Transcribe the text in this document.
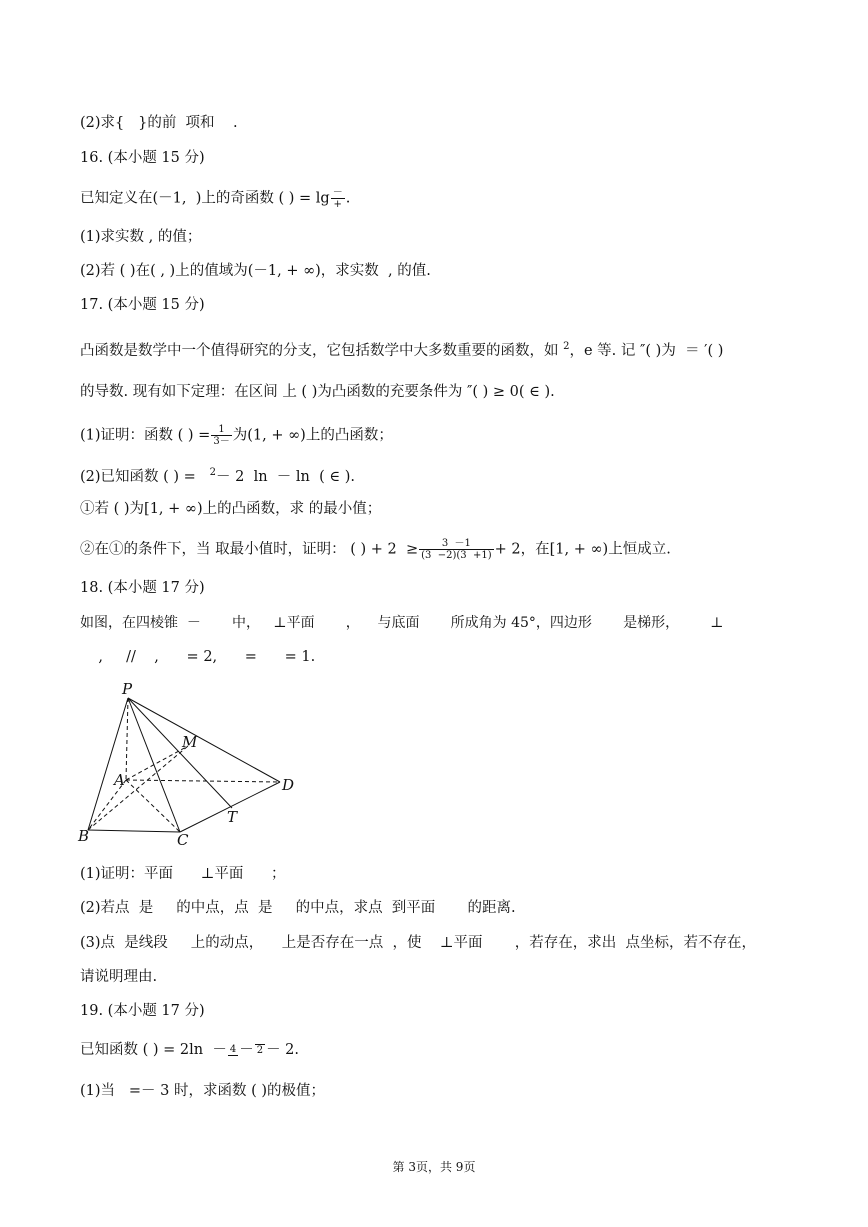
(2)求{   }的前  项和    .
16. (本小题 15 分)
已知定义在(－1,  )上的奇函数 ( ) = $\lg \frac{-}{+}$ .
(1)求实数 , 的值；
(2)若 ( )在( , )上的值域为(－1, + ∞)，求实数  , 的值.
17. (本小题 15 分)
凸函数是数学中一个值得研究的分支，它包括数学中大多数重要的函数，如 $^2$，e 等. 记 ″( )为  ＝ ′( )
的导数. 现有如下定理：在区间 上 ( )为凸函数的充要条件为 ″( ) ≥ 0( ∈ ).
(1)证明：函数 ( ) = $\frac{1}{3-}$ 为(1, + ∞)上的凸函数；
(2)已知函数 ( ) =   $^2$－ 2  ln  － ln  ( ∈ ).
①若 ( )为[1, + ∞)上的凸函数，求 的最小值；
②在①的条件下，当 取最小值时，证明： ( ) + $2 \ge \frac{3 -1}{(3 -2)(3 +1)} + 2$，在[1, + ∞)上恒成立.
18. (本小题 17 分)
如图，在四棱锥  －       中，   ⊥平面       ，    与底面       所成角为 45°，四边形       是梯形，       ⊥
,     //    ,      = 2,      =      = 1.
P
M
A	D
T
B	C
(1)证明：平面      ⊥平面      ；
(2)若点  是     的中点，点  是     的中点，求点  到平面       的距离.
(3)点  是线段     上的动点，    上是否存在一点  ，使    ⊥平面       ，若存在，求出  点坐标，若不存在，
请说明理由.
19. (本小题 17 分)
已知函数 ( ) = 2ln  － 4 － 2 － 2.
(1)当   =－ 3 时，求函数 ( )的极值；
第 3页，共 9页
